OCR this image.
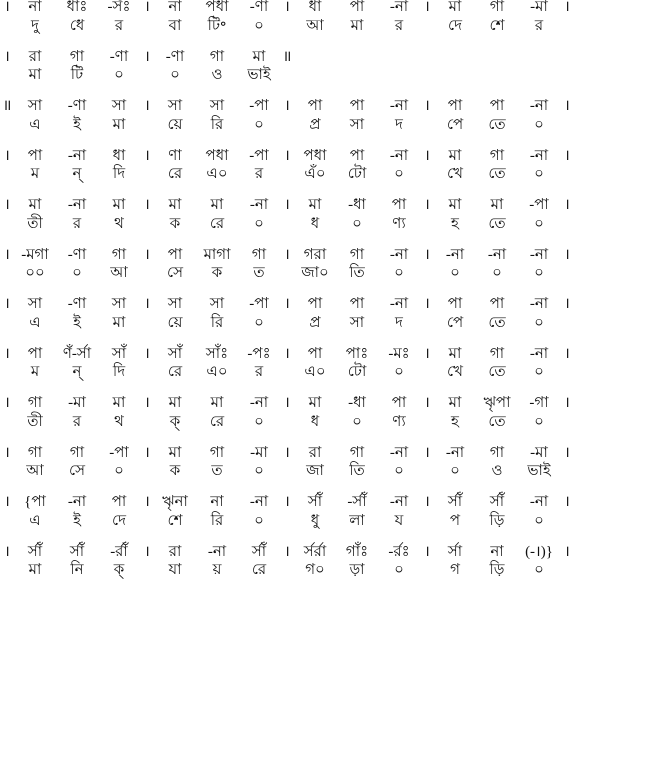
।	না	ধাঃ	-সঁঃ ।	না	পধা	-ণা	।	ধা	পা	-না	।	মা	গা	-মা	।
দু	ধে	র	বা	টি॰	০	আ	মা	র	দে	শে	র
।	রা	গা	-ণা	।	-ণা	গা	মা	॥
মা	টি	০	০	ও	ভাই
॥	সা	-ণা	সা	।	সা	সা	-পা	।	পা	পা	-না	।	পা	পা	-না	।
এ	ই	মা	য়ে	রি	০	প্র	সা	দ	পে	তে	০
।	পা	-না	ধা	।	ণা	পধা	-পা	। পধা	পা	-না	।	মা	গা	-না	।
ম	ন্	দি	রে	এ০	র	এঁ০	টো	০	খে	তে	০
।	মা	-না	মা	।	মা	মা	-না	।	মা	-ধা	পা	।	মা	মা	-পা	।
তী	র	থ	ক	রে	০	ধ	০	ণ্য	হ	তে	০
। -মগা	-ণা	গা	।	পা	মাগা	গা	। গরা	গা	-না	।	-না	-না	-না	।
০০	০	আ	সে	ক	ত	জা০	তি	০	০	০	০
।	সা	-ণা	সা	।	সা	সা	-পা	।	পা	পা	-না	।	পা	পা	-না	।
এ	ই	মা	য়ে	রি	০	প্র	সা	দ	পে	তে	০
।	পা	ণঁ-র্সা	সাঁ	।	সাঁ	সাঁঃ	-পঃ ।	পা	পাঃ	-মঃ ।	মা	গা	-না	।
ম	ন্	দি	রে	এ০	র	এ০	টো	০	খে	তে	০
।	গা	-মা	মা	।	মা	মা	-না	।	মা	-ধা	পা	।	মা	ৠপা	-গা	।
তী	র	থ	ক্	রে	০	ধ	০	ণ্য	হ	তে	০
।	গা	গা	-পা	।	মা	গা	-মা	।	রা	গা	-না	।	-না	গা	-মা	।
আ	সে	০	ক	ত	০	জা	তি	০	০	ও	ভাই
। {পা	-না	পা	। ৠনা	না	-না	।	র্সাঁ	-র্সাঁ	-না	।	র্সাঁ	র্সাঁ	-না	।
এ	ই	দে	শে	রি	০	ধু	লা	য	প	ড়ি	০
।	র্সাঁ	র্সাঁ	-র্রাঁ	।	রা	-না	র্সাঁ	। র্সর্রা	গাঁঃ	-র্রঃ ।	র্সা	না	(-।)} ।
মা	নি	ক্	যা	য়	রে	গ০	ড়া	০	গ	ড়ি	০
